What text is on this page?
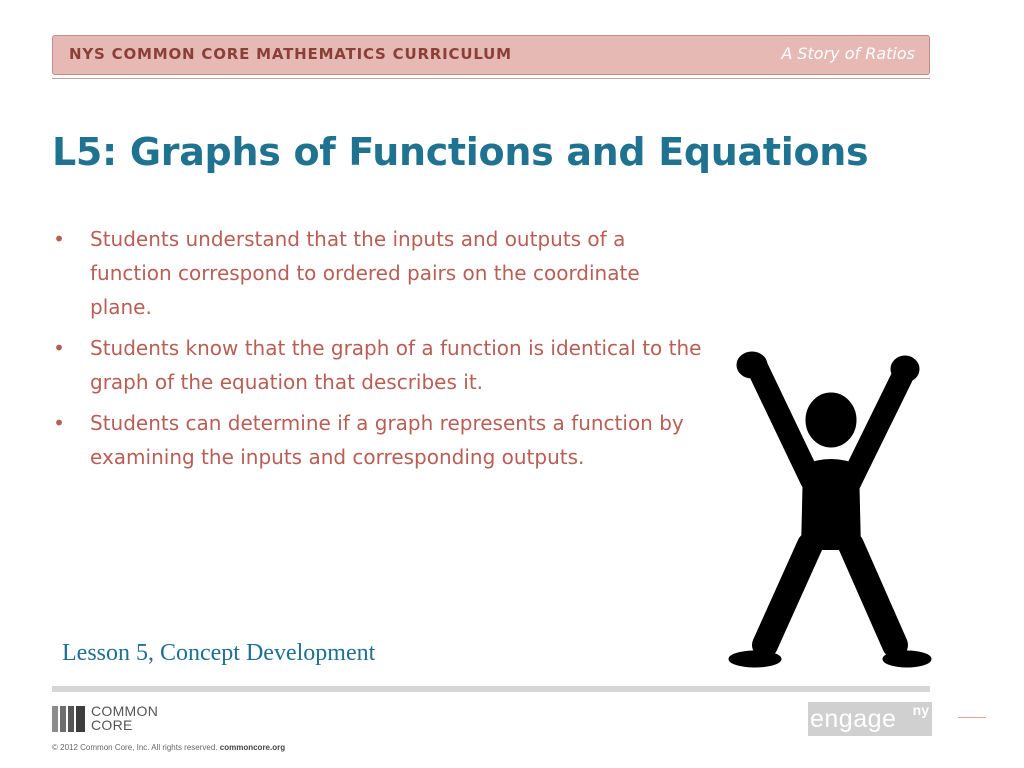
NYS COMMON CORE MATHEMATICS CURRICULUM	A Story of Ratios
L5: Graphs of Functions and Equations
• Students understand that the inputs and outputs of a function correspond to ordered pairs on the coordinate plane.
• Students know that the graph of a function is identical to the graph of the equation that describes it.
• Students can determine if a graph represents a function by examining the inputs and corresponding outputs.
Lesson 5, Concept Development
COMMON
CORE
© 2012 Common Core, Inc. All rights reserved. commoncore.org
engage ny
